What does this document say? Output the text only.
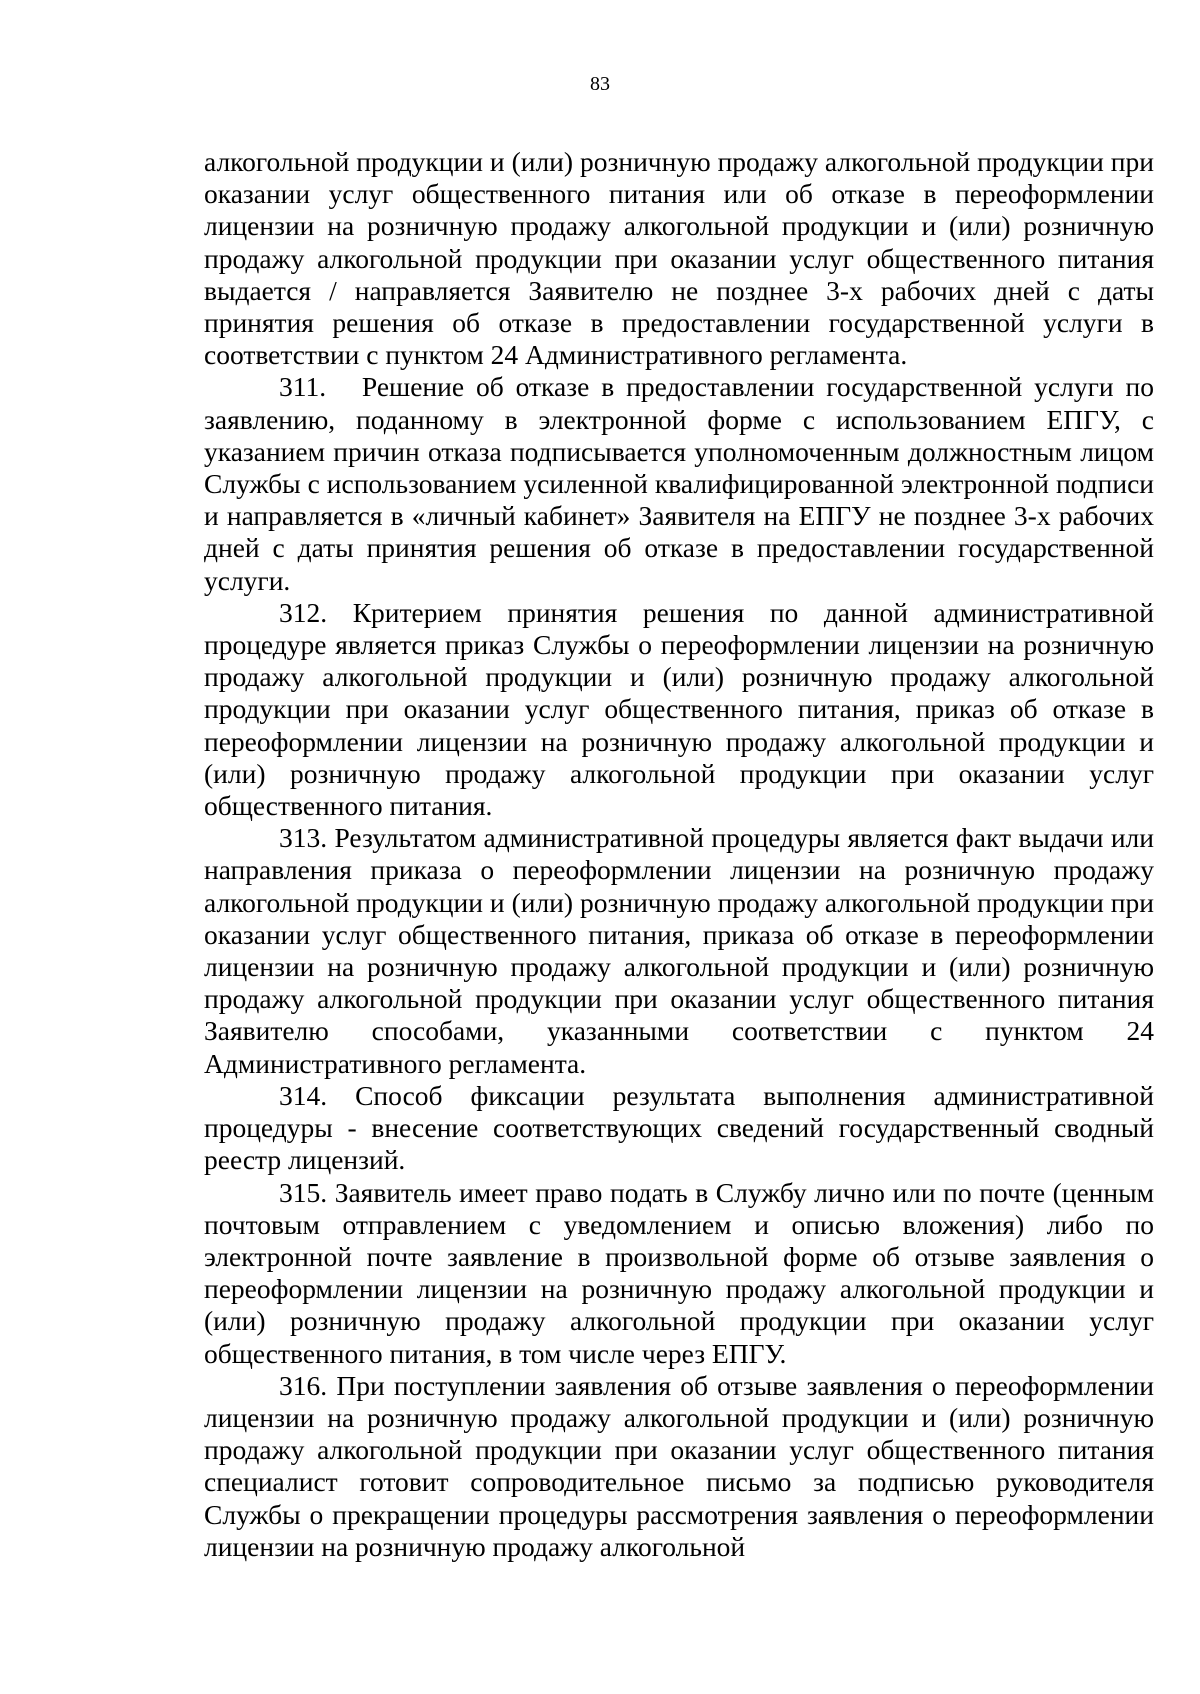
83

алкогольной продукции и (или) розничную продажу алкогольной продукции при оказании услуг общественного питания или об отказе в переоформлении лицензии на розничную продажу алкогольной продукции и (или) розничную продажу алкогольной продукции при оказании услуг общественного питания выдается / направляется Заявителю не позднее 3-х рабочих дней с даты принятия решения об отказе в предоставлении государственной услуги в соответствии с пунктом 24 Административного регламента.

311.   Решение об отказе в предоставлении государственной услуги по заявлению, поданному в электронной форме с использованием ЕПГУ, с указанием причин отказа подписывается уполномоченным должностным лицом Службы с использованием усиленной квалифицированной электронной подписи и направляется в «личный кабинет» Заявителя на ЕПГУ не позднее 3-х рабочих дней с даты принятия решения об отказе в предоставлении государственной услуги.

312. Критерием принятия решения по данной административной процедуре является приказ Службы о переоформлении лицензии на розничную продажу алкогольной продукции и (или) розничную продажу алкогольной продукции при оказании услуг общественного питания, приказ об отказе в переоформлении лицензии на розничную продажу алкогольной продукции и (или) розничную продажу алкогольной продукции при оказании услуг общественного питания.

313. Результатом административной процедуры является факт выдачи или направления приказа о переоформлении лицензии на розничную продажу алкогольной продукции и (или) розничную продажу алкогольной продукции при оказании услуг общественного питания, приказа об отказе в переоформлении лицензии на розничную продажу алкогольной продукции и (или) розничную продажу алкогольной продукции при оказании услуг общественного питания Заявителю способами, указанными соответствии с пунктом 24 Административного регламента.

314. Способ фиксации результата выполнения административной процедуры - внесение соответствующих сведений государственный сводный реестр лицензий.

315. Заявитель имеет право подать в Службу лично или по почте (ценным почтовым отправлением с уведомлением и описью вложения) либо по электронной почте заявление в произвольной форме об отзыве заявления о переоформлении лицензии на розничную продажу алкогольной продукции и (или) розничную продажу алкогольной продукции при оказании услуг общественного питания, в том числе через ЕПГУ.

316. При поступлении заявления об отзыве заявления о переоформлении лицензии на розничную продажу алкогольной продукции и (или) розничную продажу алкогольной продукции при оказании услуг общественного питания специалист готовит сопроводительное письмо за подписью руководителя Службы о прекращении процедуры рассмотрения заявления о переоформлении лицензии на розничную продажу алкогольной
